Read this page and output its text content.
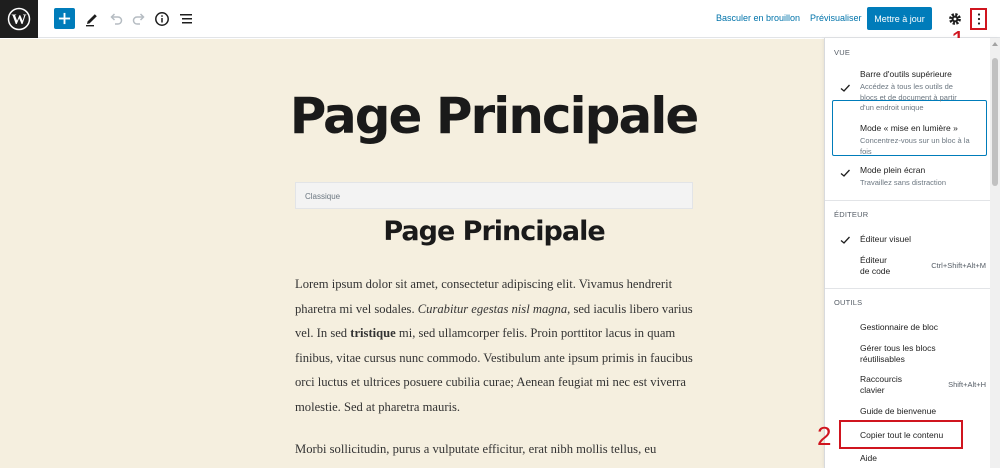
W	Basculer en brouillon Prévisualiser	Mettre à jour
Page Principale
Classique
Page Principale

Lorem ipsum dolor sit amet, consectetur adipiscing elit. Vivamus hendrerit pharetra mi vel sodales. Curabitur egestas nisl magna, sed iaculis libero varius vel. In sed tristique mi, sed ullamcorper felis. Proin porttitor lacus in quam finibus, vitae cursus nunc commodo. Vestibulum ante ipsum primis in faucibus orci luctus et ultrices posuere cubilia curae; Aenean feugiat mi nec est viverra molestie. Sed at pharetra mauris.

Morbi sollicitudin, purus a vulputate efficitur, erat nibh mollis tellus, eu

VUE
Barre d'outils supérieure
Accédez à tous les outils de blocs et de document à partir d'un endroit unique
Mode « mise en lumière »
Concentrez-vous sur un bloc à la fois
Mode plein écran
Travaillez sans distraction
ÉDITEUR
Éditeur visuel
Éditeur de code
Ctrl+Shift+Alt+M
OUTILS
Gestionnaire de bloc
Gérer tous les blocs réutilisables
Raccourcis clavier
Shift+Alt+H
Guide de bienvenue
Copier tout le contenu
Aide
2
